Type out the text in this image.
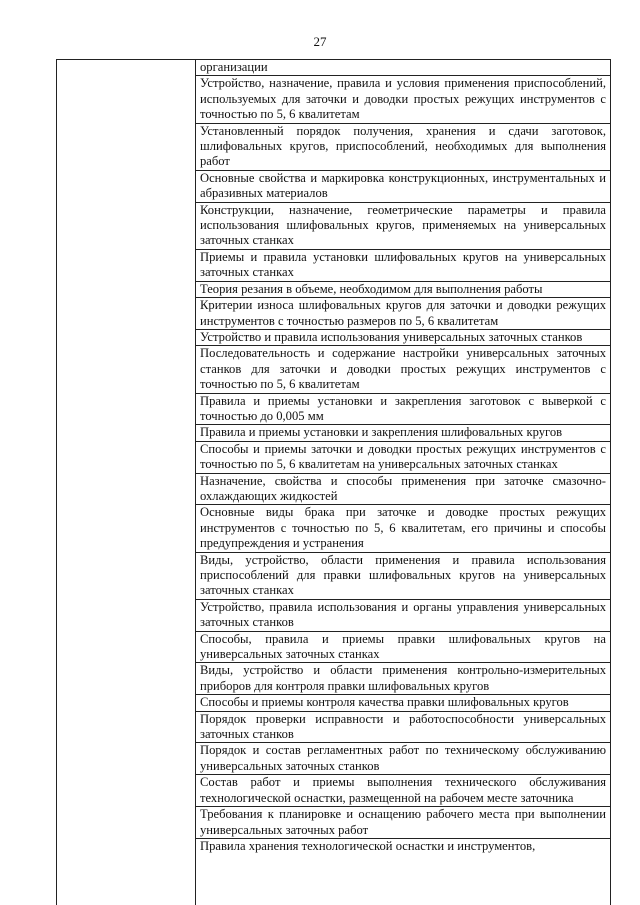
27
организации
Устройство, назначение, правила и условия применения приспособлений, используемых для заточки и доводки простых режущих инструментов с точностью по 5, 6 квалитетам
Установленный порядок получения, хранения и сдачи заготовок, шлифовальных кругов, приспособлений, необходимых для выполнения работ
Основные свойства и маркировка конструкционных, инструментальных и абразивных материалов
Конструкции, назначение, геометрические параметры и правила использования шлифовальных кругов, применяемых на универсальных заточных станках
Приемы и правила установки шлифовальных кругов на универсальных заточных станках
Теория резания в объеме, необходимом для выполнения работы
Критерии износа шлифовальных кругов для заточки и доводки режущих инструментов с точностью размеров по 5, 6 квалитетам
Устройство и правила использования универсальных заточных станков
Последовательность и содержание настройки универсальных заточных станков для заточки и доводки простых режущих инструментов с точностью по 5, 6 квалитетам
Правила и приемы установки и закрепления заготовок с выверкой с точностью до 0,005 мм
Правила и приемы установки и закрепления шлифовальных кругов
Способы и приемы заточки и доводки простых режущих инструментов с точностью по 5, 6 квалитетам на универсальных заточных станках
Назначение, свойства и способы применения при заточке смазочно-охлаждающих жидкостей
Основные виды брака при заточке и доводке простых режущих инструментов с точностью по 5, 6 квалитетам, его причины и способы предупреждения и устранения
Виды, устройство, области применения и правила использования приспособлений для правки шлифовальных кругов на универсальных заточных станках
Устройство, правила использования и органы управления универсальных заточных станков
Способы, правила и приемы правки шлифовальных кругов на универсальных заточных станках
Виды, устройство и области применения контрольно-измерительных приборов для контроля правки шлифовальных кругов
Способы и приемы контроля качества правки шлифовальных кругов
Порядок проверки исправности и работоспособности универсальных заточных станков
Порядок и состав регламентных работ по техническому обслуживанию универсальных заточных станков
Состав работ и приемы выполнения технического обслуживания технологической оснастки, размещенной на рабочем месте заточника
Требования к планировке и оснащению рабочего места при выполнении универсальных заточных работ
Правила хранения технологической оснастки и инструментов,
